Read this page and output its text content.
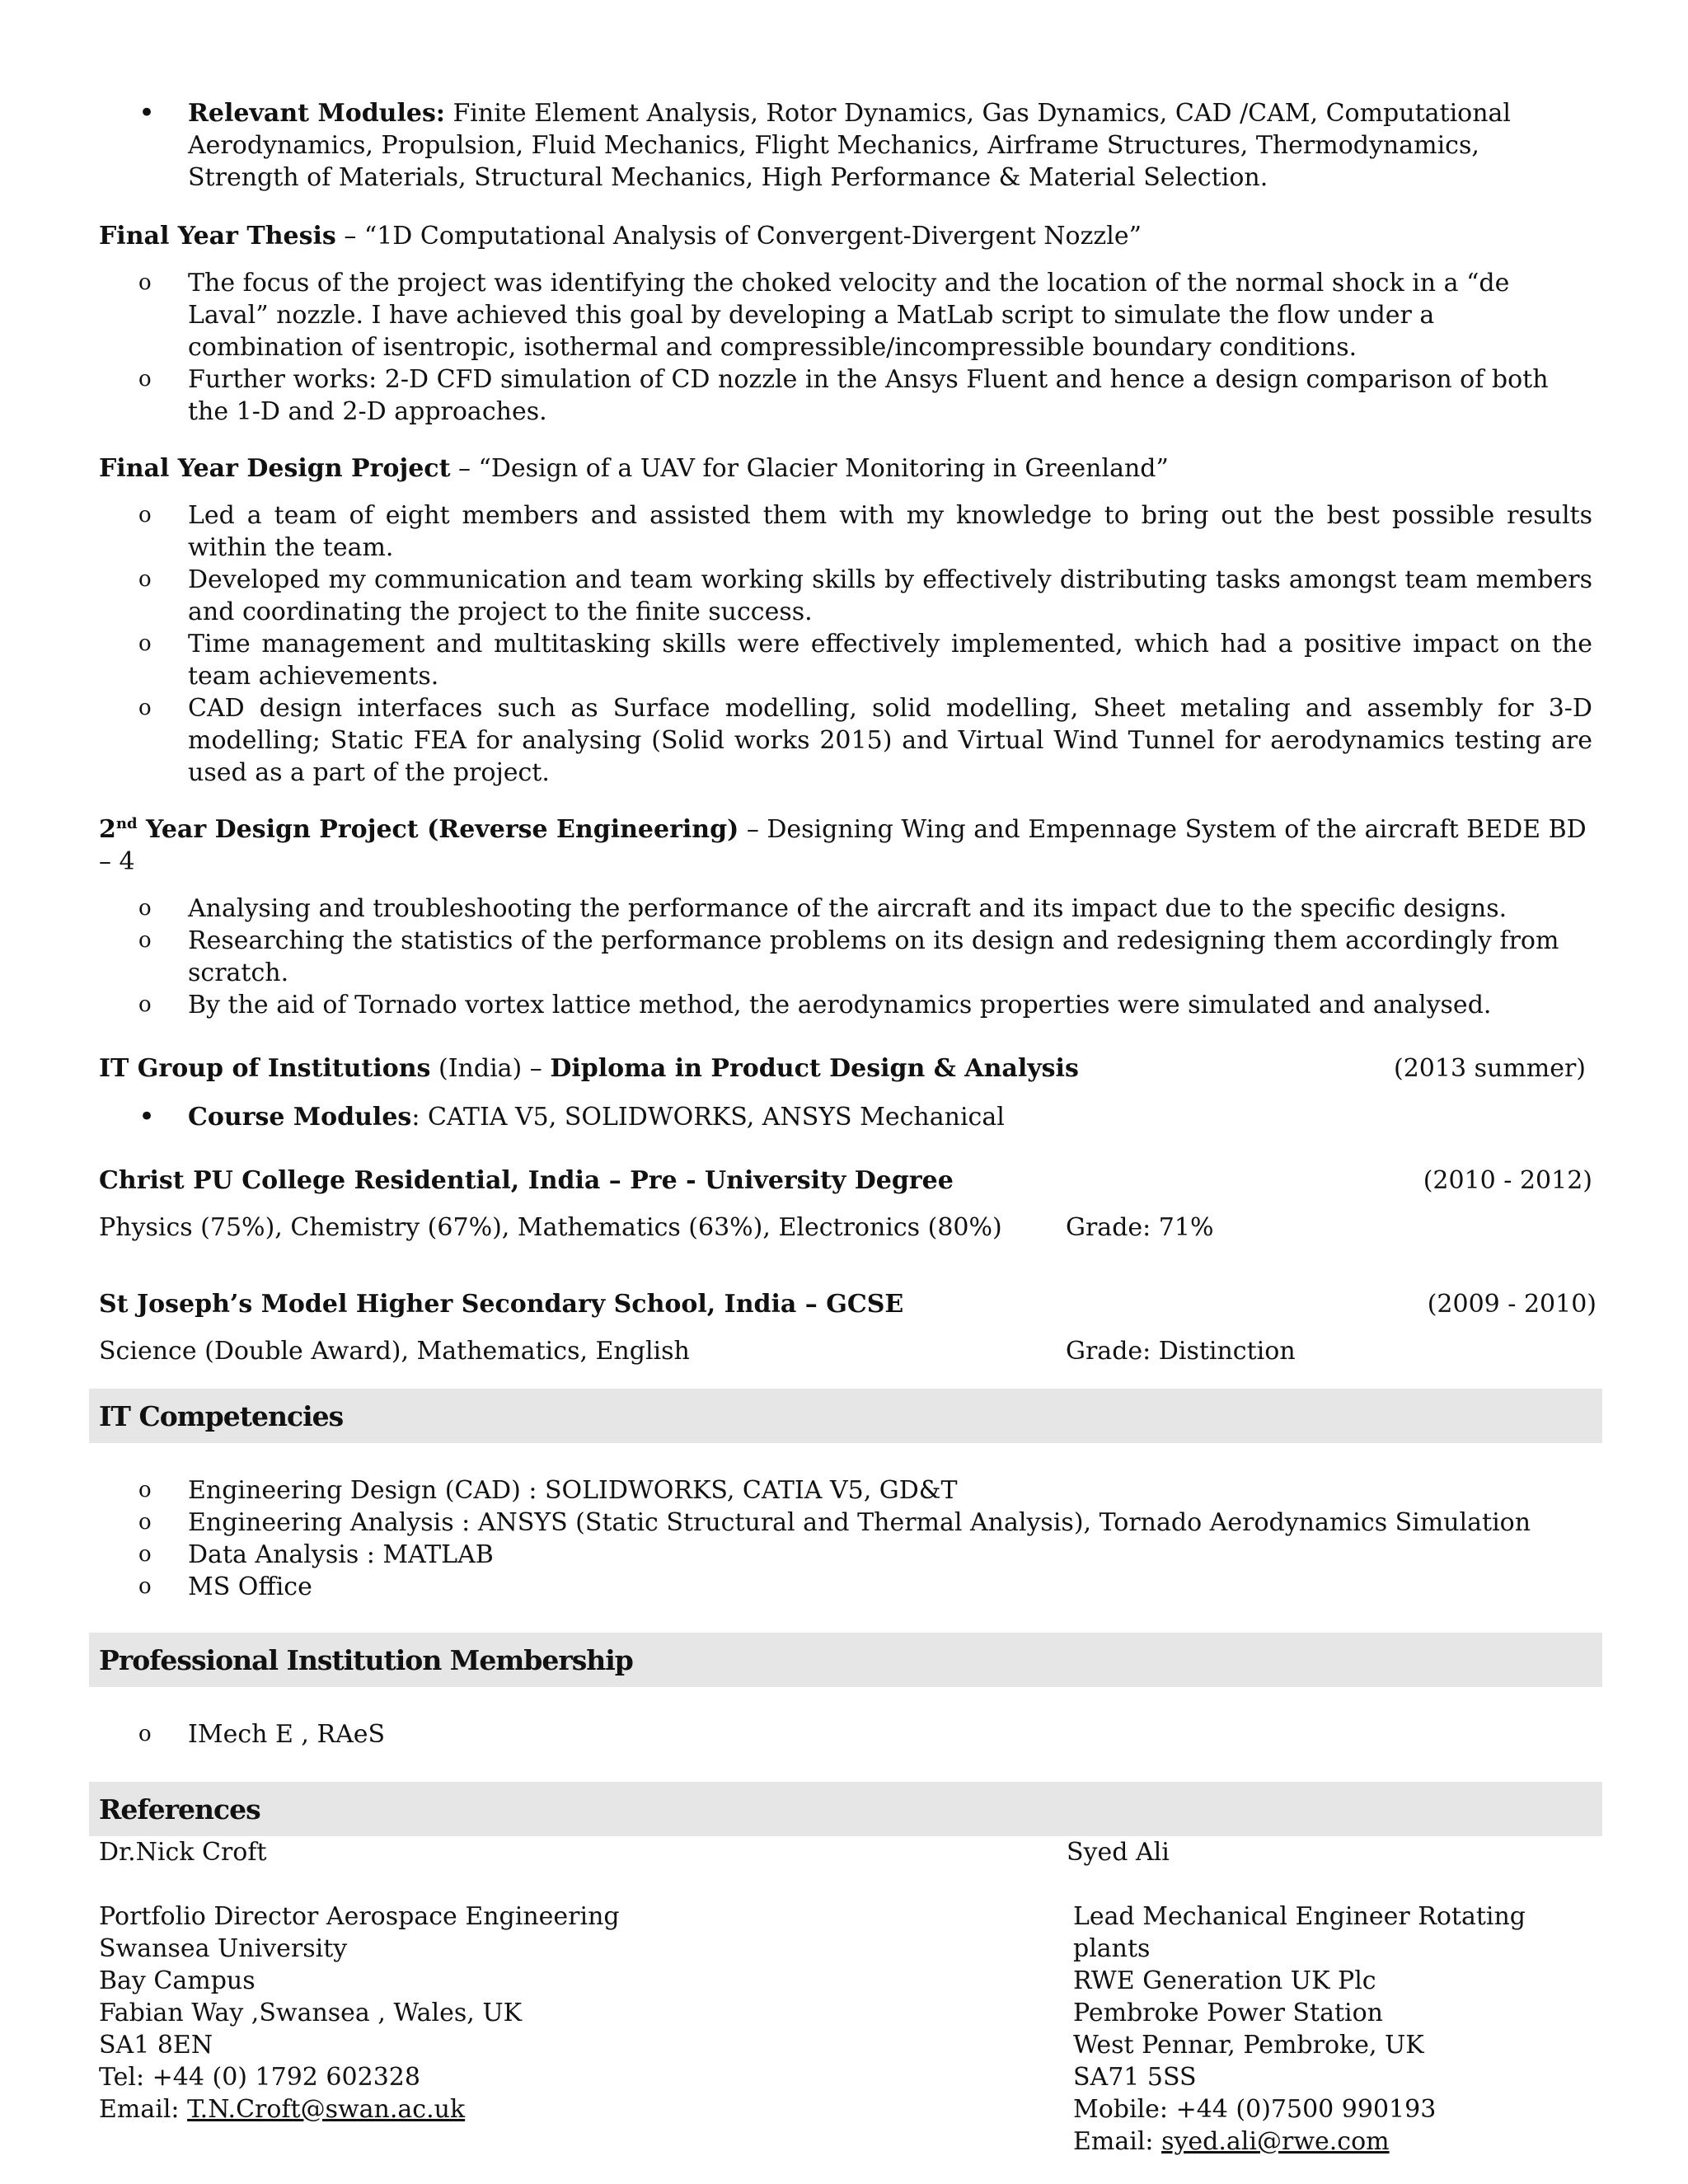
•	Relevant Modules: Finite Element Analysis, Rotor Dynamics, Gas Dynamics, CAD /CAM, Computational Aerodynamics, Propulsion, Fluid Mechanics, Flight Mechanics, Airframe Structures, Thermodynamics, Strength of Materials, Structural Mechanics, High Performance & Material Selection.
Final Year Thesis – “1D Computational Analysis of Convergent-Divergent Nozzle”
o	The focus of the project was identifying the choked velocity and the location of the normal shock in a “de Laval” nozzle. I have achieved this goal by developing a MatLab script to simulate the flow under a combination of isentropic, isothermal and compressible/incompressible boundary conditions.
o	Further works: 2-D CFD simulation of CD nozzle in the Ansys Fluent and hence a design comparison of both the 1-D and 2-D approaches.
Final Year Design Project – “Design of a UAV for Glacier Monitoring in Greenland”
o	Led a team of eight members and assisted them with my knowledge to bring out the best possible results within the team.
o	Developed my communication and team working skills by effectively distributing tasks amongst team members and coordinating the project to the finite success.
o	Time management and multitasking skills were effectively implemented, which had a positive impact on the team achievements.
o	CAD design interfaces such as Surface modelling, solid modelling, Sheet metaling and assembly for 3-D modelling; Static FEA for analysing (Solid works 2015) and Virtual Wind Tunnel for aerodynamics testing are used as a part of the project.
2nd Year Design Project (Reverse Engineering) – Designing Wing and Empennage System of the aircraft BEDE BD – 4
o	Analysing and troubleshooting the performance of the aircraft and its impact due to the specific designs.
o	Researching the statistics of the performance problems on its design and redesigning them accordingly from scratch.
o	By the aid of Tornado vortex lattice method, the aerodynamics properties were simulated and analysed.
IT Group of Institutions (India) – Diploma in Product Design & Analysis	(2013 summer)
•	Course Modules: CATIA V5, SOLIDWORKS, ANSYS Mechanical
Christ PU College Residential, India – Pre - University Degree	(2010 - 2012)
Physics (75%), Chemistry (67%), Mathematics (63%), Electronics (80%)	Grade: 71%
St Joseph’s Model Higher Secondary School, India – GCSE	(2009 - 2010)
Science (Double Award), Mathematics, English	Grade: Distinction
IT Competencies
o	Engineering Design (CAD) : SOLIDWORKS, CATIA V5, GD&T
o	Engineering Analysis : ANSYS (Static Structural and Thermal Analysis), Tornado Aerodynamics Simulation
o	Data Analysis : MATLAB
o	MS Office
Professional Institution Membership
o	IMech E , RAeS
References
Dr.Nick Croft
Portfolio Director Aerospace Engineering
Swansea University
Bay Campus
Fabian Way ,Swansea , Wales, UK
SA1 8EN
Tel: +44 (0) 1792 602328
Email: T.N.Croft@swan.ac.uk
Syed Ali
Lead Mechanical Engineer Rotating plants
RWE Generation UK Plc
Pembroke Power Station
West Pennar, Pembroke, UK
SA71 5SS
Mobile: +44 (0)7500 990193
Email: syed.ali@rwe.com
